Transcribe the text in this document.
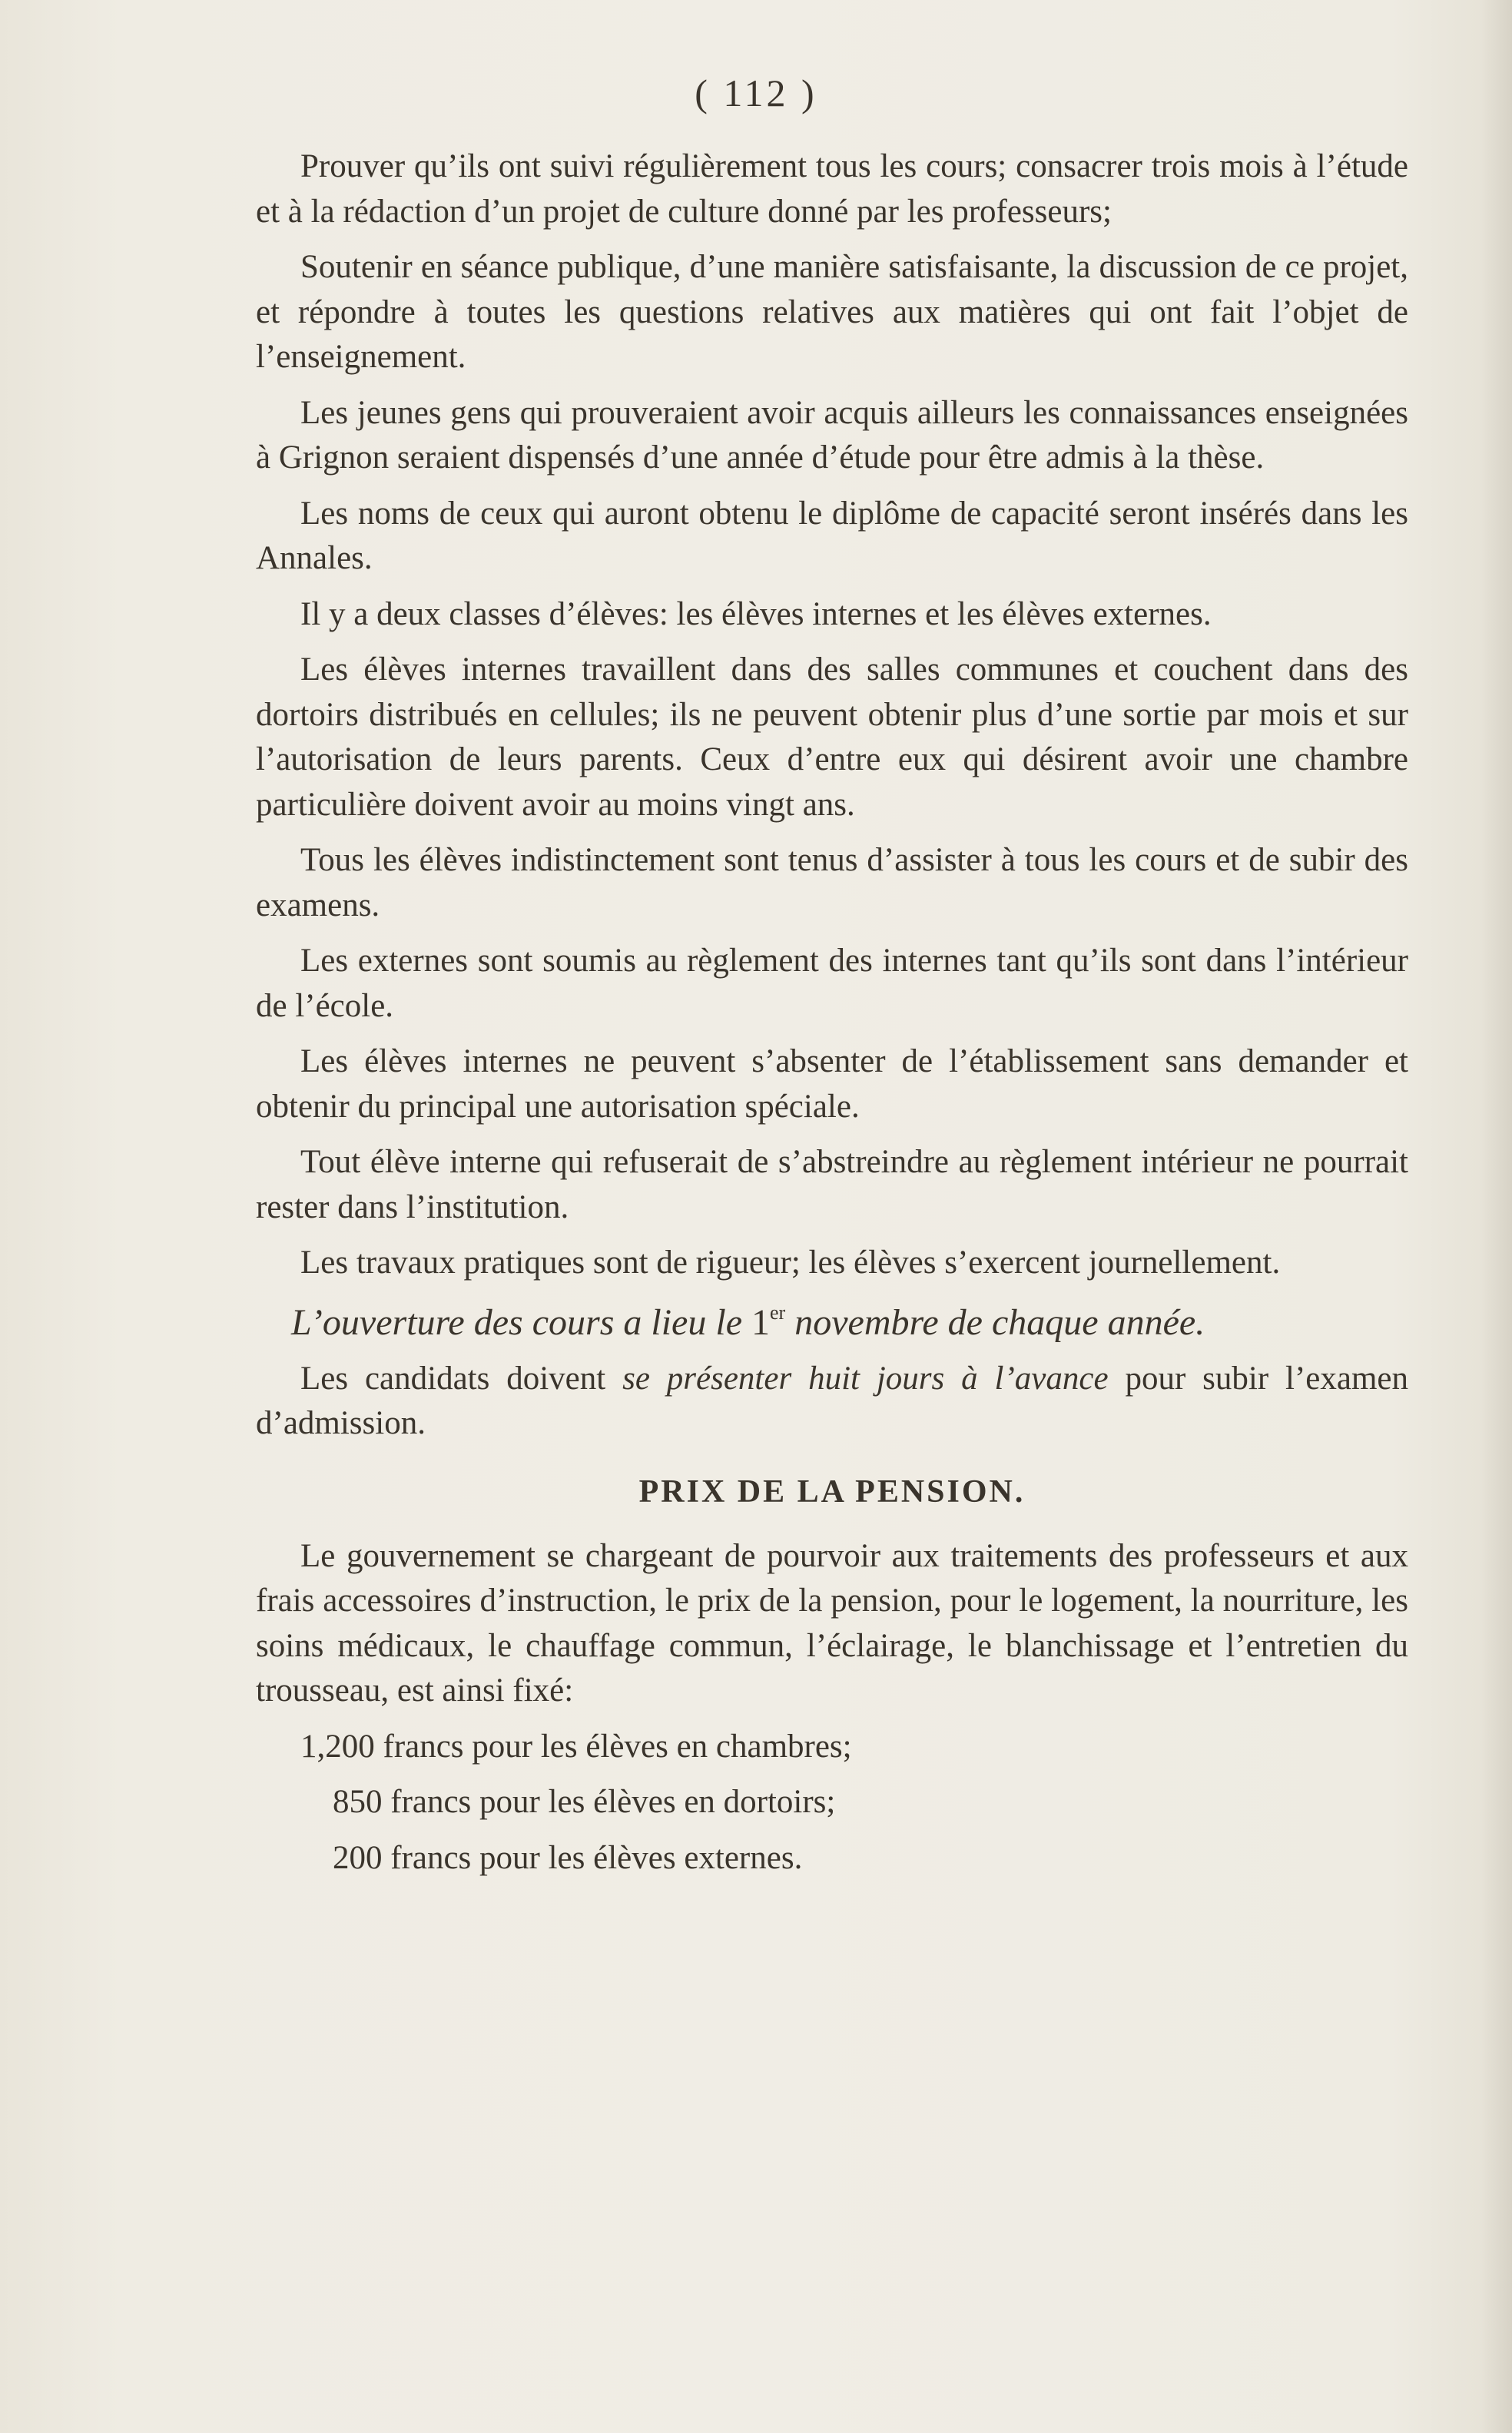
( 112 )

Prouver qu’ils ont suivi régulièrement tous les cours; consacrer trois mois à l’étude et à la rédaction d’un projet de culture donné par les professeurs;

Soutenir en séance publique, d’une manière satisfaisante, la discussion de ce projet, et répondre à toutes les questions relatives aux matières qui ont fait l’objet de l’enseignement.

Les jeunes gens qui prouveraient avoir acquis ailleurs les connaissances enseignées à Grignon seraient dispensés d’une année d’étude pour être admis à la thèse.

Les noms de ceux qui auront obtenu le diplôme de capacité seront insérés dans les Annales.

Il y a deux classes d’élèves: les élèves internes et les élèves externes.

Les élèves internes travaillent dans des salles communes et couchent dans des dortoirs distribués en cellules; ils ne peuvent obtenir plus d’une sortie par mois et sur l’autorisation de leurs parents. Ceux d’entre eux qui désirent avoir une chambre particulière doivent avoir au moins vingt ans.

Tous les élèves indistinctement sont tenus d’assister à tous les cours et de subir des examens.

Les externes sont soumis au règlement des internes tant qu’ils sont dans l’intérieur de l’école.

Les élèves internes ne peuvent s’absenter de l’établissement sans demander et obtenir du principal une autorisation spéciale.

Tout élève interne qui refuserait de s’abstreindre au règlement intérieur ne pourrait rester dans l’institution.

Les travaux pratiques sont de rigueur; les élèves s’exercent journellement.

L’ouverture des cours a lieu le 1er novembre de chaque année.

Les candidats doivent se présenter huit jours à l’avance pour subir l’examen d’admission.

PRIX DE LA PENSION.

Le gouvernement se chargeant de pourvoir aux traitements des professeurs et aux frais accessoires d’instruction, le prix de la pension, pour le logement, la nourriture, les soins médicaux, le chauffage commun, l’éclairage, le blanchissage et l’entretien du trousseau, est ainsi fixé:

1,200 francs pour les élèves en chambres;

850 francs pour les élèves en dortoirs;

200 francs pour les élèves externes.
